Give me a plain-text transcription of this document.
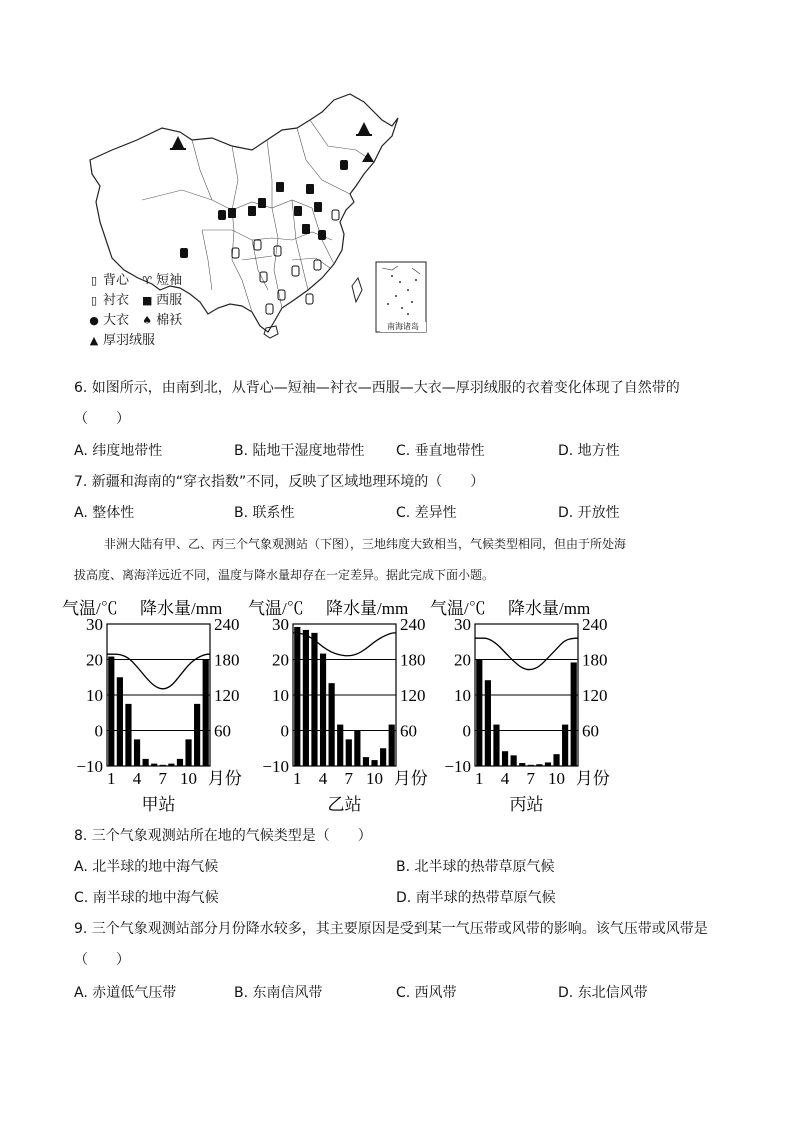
南海诸岛
▯ 背心 ♈ 短袖
▯ 衬衣 ■ 西服
● 大衣 ♠ 棉袄
▲ 厚羽绒服
6. 如图所示，由南到北，从背心—短袖—衬衣—西服—大衣—厚羽绒服的衣着变化体现了自然带的
（　　）
A. 纬度地带性	B. 陆地干湿度地带性 C. 垂直地带性	D. 地方性
7. 新疆和海南的“穿衣指数”不同，反映了区域地理环境的（　　）
A. 整体性	B. 联系性	C. 差异性	D. 开放性
非洲大陆有甲、乙、丙三个气象观测站（下图），三地纬度大致相当，气候类型相同，但由于所处海
拔高度、离海洋远近不同，温度与降水量却存在一定差异。据此完成下面小题。
气温/℃ 降水量/mm
30
20
10
0
−10
240
180
120
60
1 4 7 10 月份
甲站
气温/℃ 降水量/mm
30
20
10
0
−10
240
180
120
60
1 4 7 10 月份
乙站
气温/℃ 降水量/mm
30
20
10
0
−10
240
180
120
60
1 4 7 10 月份
丙站
8. 三个气象观测站所在地的气候类型是（　　）
A. 北半球的地中海气候	B. 北半球的热带草原气候
C. 南半球的地中海气候	D. 南半球的热带草原气候
9. 三个气象观测站部分月份降水较多，其主要原因是受到某一气压带或风带的影响。该气压带或风带是
（　　）
A. 赤道低气压带	B. 东南信风带	C. 西风带	D. 东北信风带
